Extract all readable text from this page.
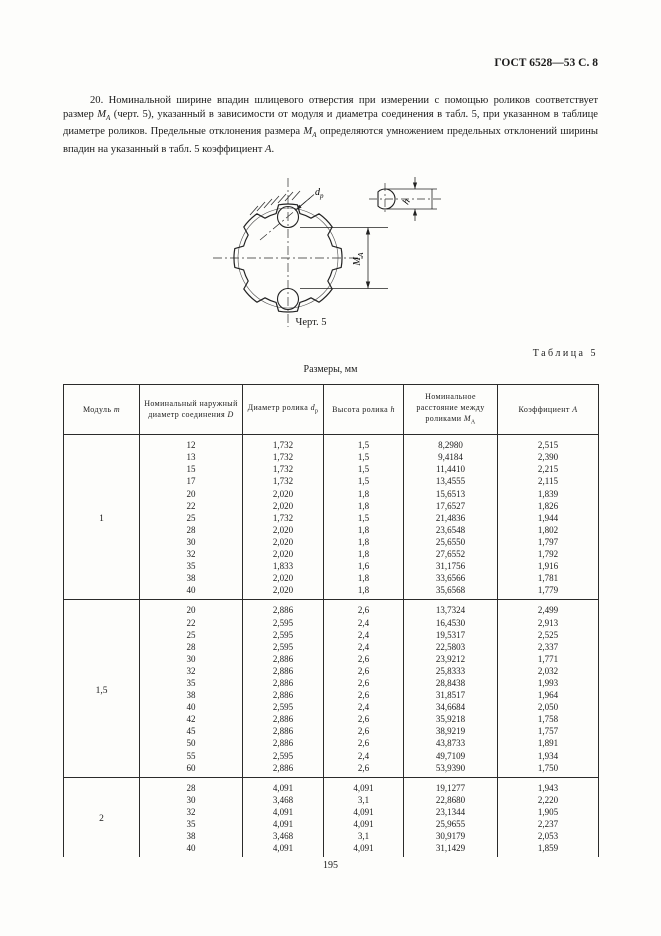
ГОСТ 6528—53 С. 8

20. Номинальной ширине впадин шлицевого отверстия при измерении с помощью роликов соответствует размер $М_А$ (черт. 5), указанный в зависимости от модуля и диаметра соединения в табл. 5, при указанном в таблице диаметре роликов. Предельные отклонения размера $М_А$ определяются умножением предельных отклонений ширины впадин на указанный в табл. 5 коэффициент А.

$d_р$
$М_А$
h
Черт. 5
Таблица 5
Размеры, мм
Модуль m	Номинальный наружный диаметр соединения D	Диаметр ролика $d_р$	Высота ролика h	Номинальное расстояние между роликами $М_А$	Коэффициент А
1	12	1,732	1,5	8,2980	2,515
	13	1,732	1,5	9,4184	2,390
	15	1,732	1,5	11,4410	2,215
	17	1,732	1,5	13,4555	2,115
	20	2,020	1,8	15,6513	1,839
	22	2,020	1,8	17,6527	1,826
	25	1,732	1,5	21,4836	1,944
	28	2,020	1,8	23,6548	1,802
	30	2,020	1,8	25,6550	1,797
	32	2,020	1,8	27,6552	1,792
	35	1,833	1,6	31,1756	1,916
	38	2,020	1,8	33,6566	1,781
	40	2,020	1,8	35,6568	1,779
1,5	20	2,886	2,6	13,7324	2,499
	22	2,595	2,4	16,4530	2,913
	25	2,595	2,4	19,5317	2,525
	28	2,595	2,4	22,5803	2,337
	30	2,886	2,6	23,9212	1,771
	32	2,886	2,6	25,8333	2,032
	35	2,886	2,6	28,8438	1,993
	38	2,886	2,6	31,8517	1,964
	40	2,595	2,4	34,6684	2,050
	42	2,886	2,6	35,9218	1,758
	45	2,886	2,6	38,9219	1,757
	50	2,886	2,6	43,8733	1,891
	55	2,595	2,4	49,7109	1,934
	60	2,886	2,6	53,9390	1,750
2	28	4,091	4,091	19,1277	1,943
	30	3,468	3,1	22,8680	2,220
	32	4,091	4,091	23,1344	1,905
	35	4,091	4,091	25,9655	2,237
	38	3,468	3,1	30,9179	2,053
	40	4,091	4,091	31,1429	1,859
195
